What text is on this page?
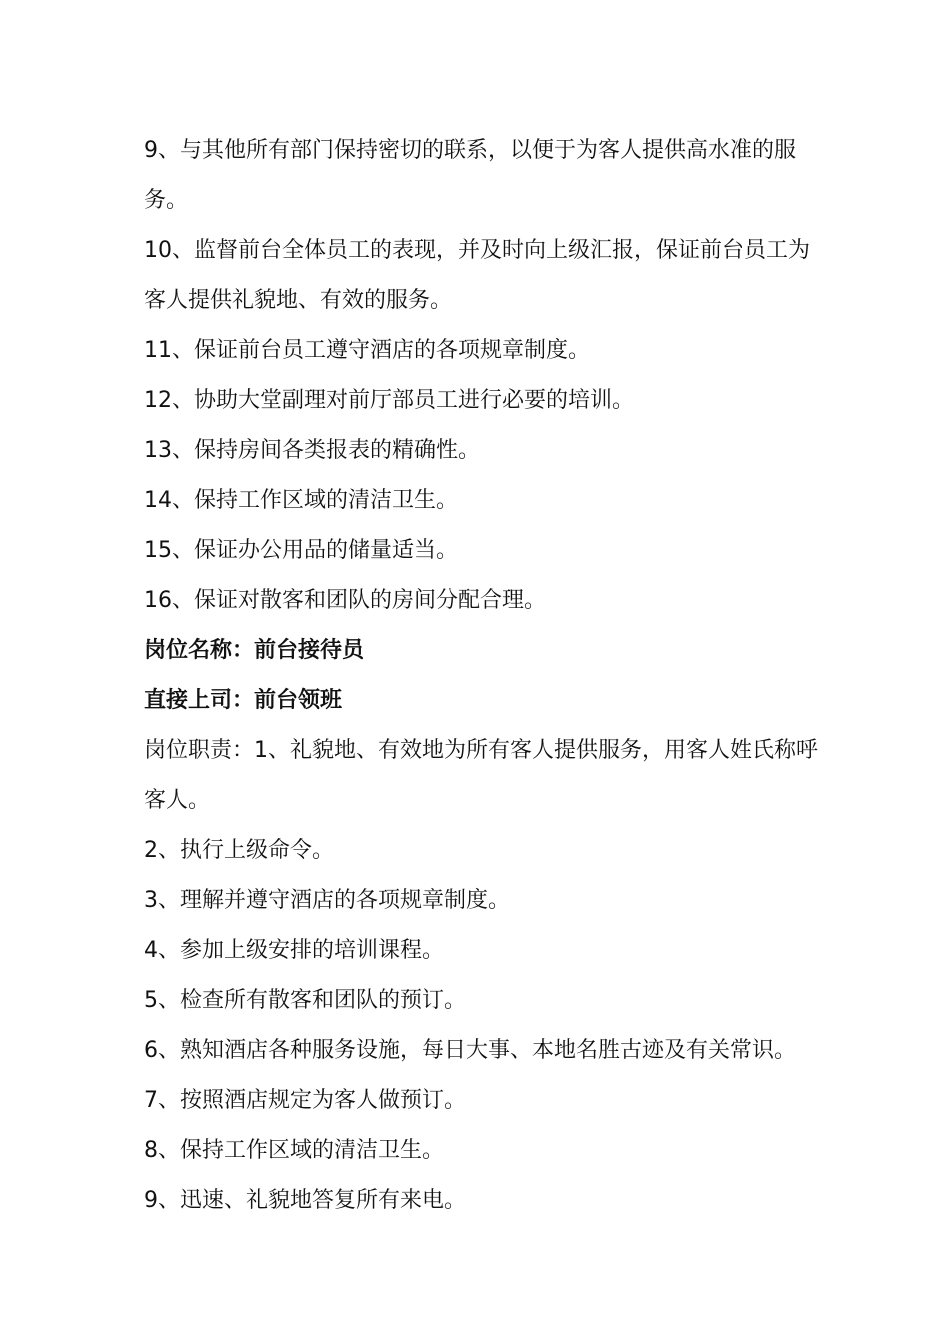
9、与其他所有部门保持密切的联系，以便于为客人提供高水准的服
务。
10、监督前台全体员工的表现，并及时向上级汇报，保证前台员工为
客人提供礼貌地、有效的服务。
11、保证前台员工遵守酒店的各项规章制度。
12、协助大堂副理对前厅部员工进行必要的培训。
13、保持房间各类报表的精确性。
14、保持工作区域的清洁卫生。
15、保证办公用品的储量适当。
16、保证对散客和团队的房间分配合理。
岗位名称：前台接待员
直接上司：前台领班
岗位职责：1、礼貌地、有效地为所有客人提供服务，用客人姓氏称呼
客人。
2、执行上级命令。
3、理解并遵守酒店的各项规章制度。
4、参加上级安排的培训课程。
5、检查所有散客和团队的预订。
6、熟知酒店各种服务设施，每日大事、本地名胜古迹及有关常识。
7、按照酒店规定为客人做预订。
8、保持工作区域的清洁卫生。
9、迅速、礼貌地答复所有来电。
